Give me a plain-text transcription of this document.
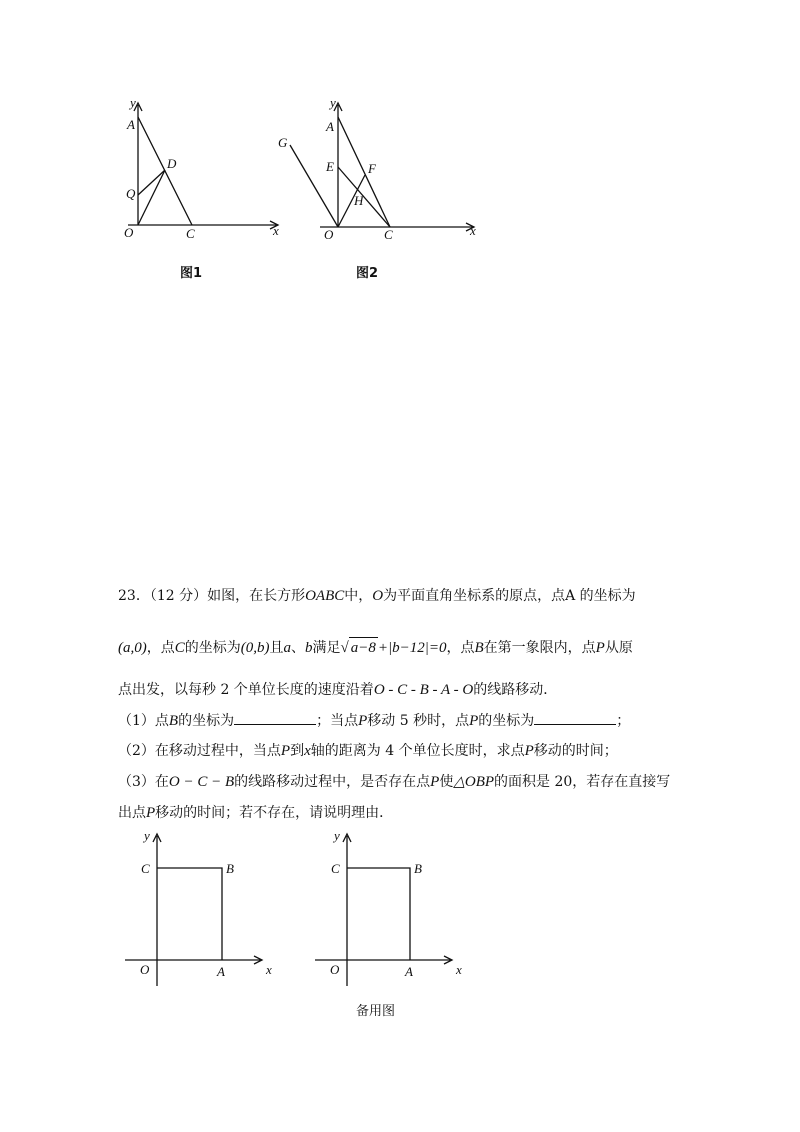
y
x
A
D
Q
O	C
图1
y
x
G
A
E	F
H
O	C
图2
23．（12 分）如图，在长方形OABC中，O为平面直角坐标系的原点，点A 的坐标为
(a,0)，点C的坐标为(0,b)且a、b满足√ a−8 +|b−12|=0，点B在第一象限内，点P从原
点出发，以每秒 2 个单位长度的速度沿着O - C - B - A - O的线路移动．
（1）点B的坐标为	；当点P移动 5 秒时，点P的坐标为	；
（2）在移动过程中，当点P到x轴的距离为 4 个单位长度时，求点P移动的时间；
（3）在O − C − B的线路移动过程中，是否存在点P使△OBP的面积是 20，若存在直接写
出点P移动的时间；若不存在，请说明理由．
y
x
C	B
O	A
y
x
C	B
O	A
备用图
